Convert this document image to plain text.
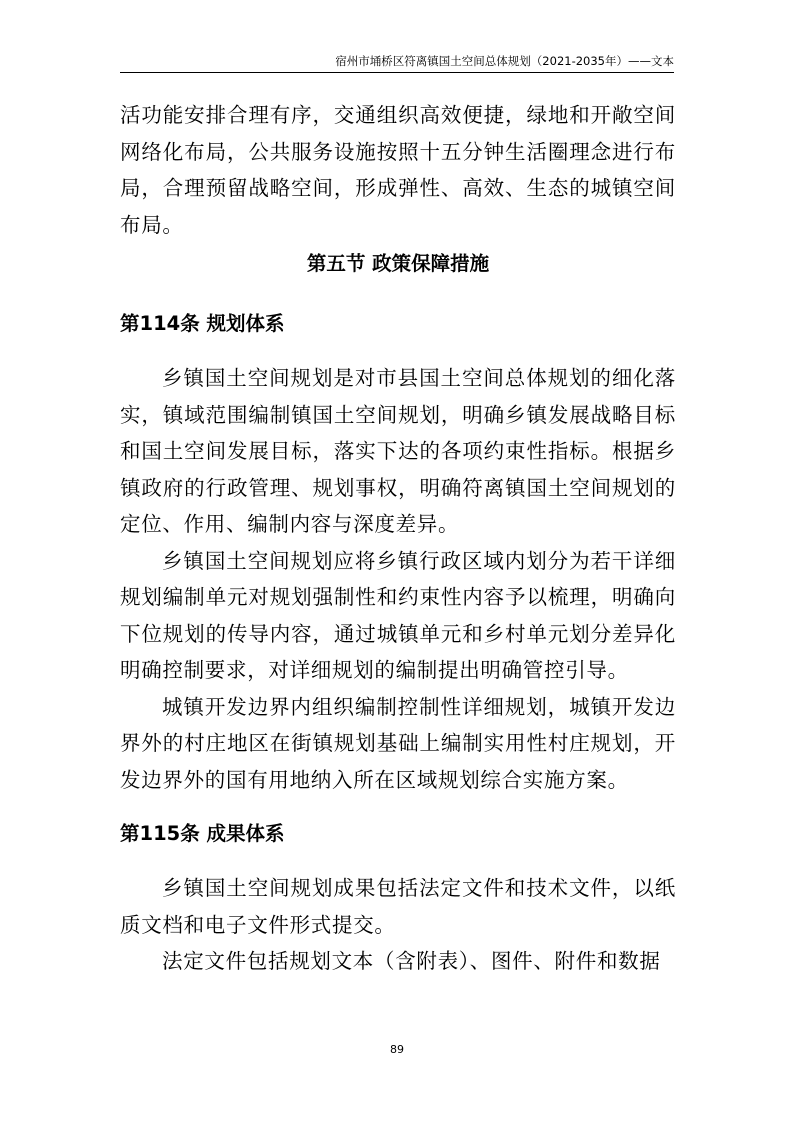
宿州市埇桥区符离镇国土空间总体规划（2021-2035年）——文本

活功能安排合理有序，交通组织高效便捷，绿地和开敞空间网络化布局，公共服务设施按照十五分钟生活圈理念进行布局，合理预留战略空间，形成弹性、高效、生态的城镇空间布局。

第五节 政策保障措施
第114条 规划体系

乡镇国土空间规划是对市县国土空间总体规划的细化落实，镇域范围编制镇国土空间规划，明确乡镇发展战略目标和国土空间发展目标，落实下达的各项约束性指标。根据乡镇政府的行政管理、规划事权，明确符离镇国土空间规划的定位、作用、编制内容与深度差异。

乡镇国土空间规划应将乡镇行政区域内划分为若干详细规划编制单元对规划强制性和约束性内容予以梳理，明确向下位规划的传导内容，通过城镇单元和乡村单元划分差异化明确控制要求，对详细规划的编制提出明确管控引导。

城镇开发边界内组织编制控制性详细规划，城镇开发边界外的村庄地区在街镇规划基础上编制实用性村庄规划，开发边界外的国有用地纳入所在区域规划综合实施方案。

第115条 成果体系

乡镇国土空间规划成果包括法定文件和技术文件，以纸质文档和电子文件形式提交。

法定文件包括规划文本（含附表）、图件、附件和数据

89
